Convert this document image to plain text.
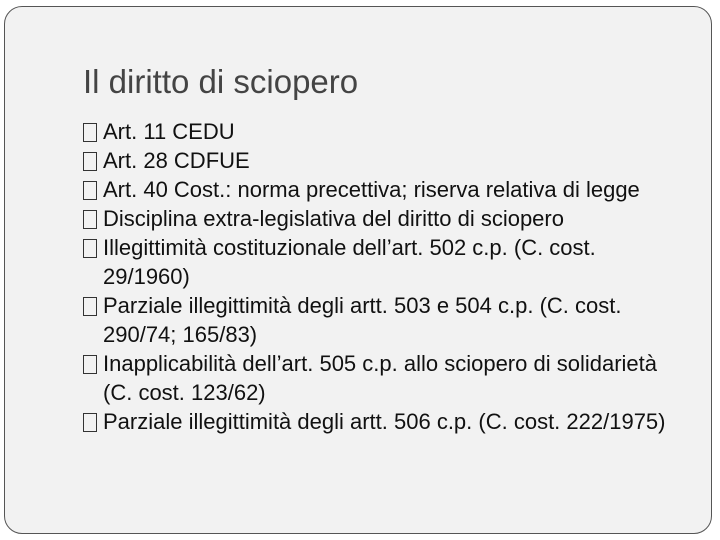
Il diritto di sciopero
Art. 11 CEDU
Art. 28 CDFUE
Art. 40 Cost.: norma precettiva; riserva relativa di legge
Disciplina extra-legislativa del diritto di sciopero
Illegittimità costituzionale dell’art. 502 c.p. (C. cost. 29/1960)
Parziale illegittimità degli artt. 503 e 504 c.p. (C. cost. 290/74; 165/83)
Inapplicabilità dell’art. 505 c.p. allo sciopero di solidarietà (C. cost. 123/62)
Parziale illegittimità degli artt. 506 c.p. (C. cost. 222/1975)
